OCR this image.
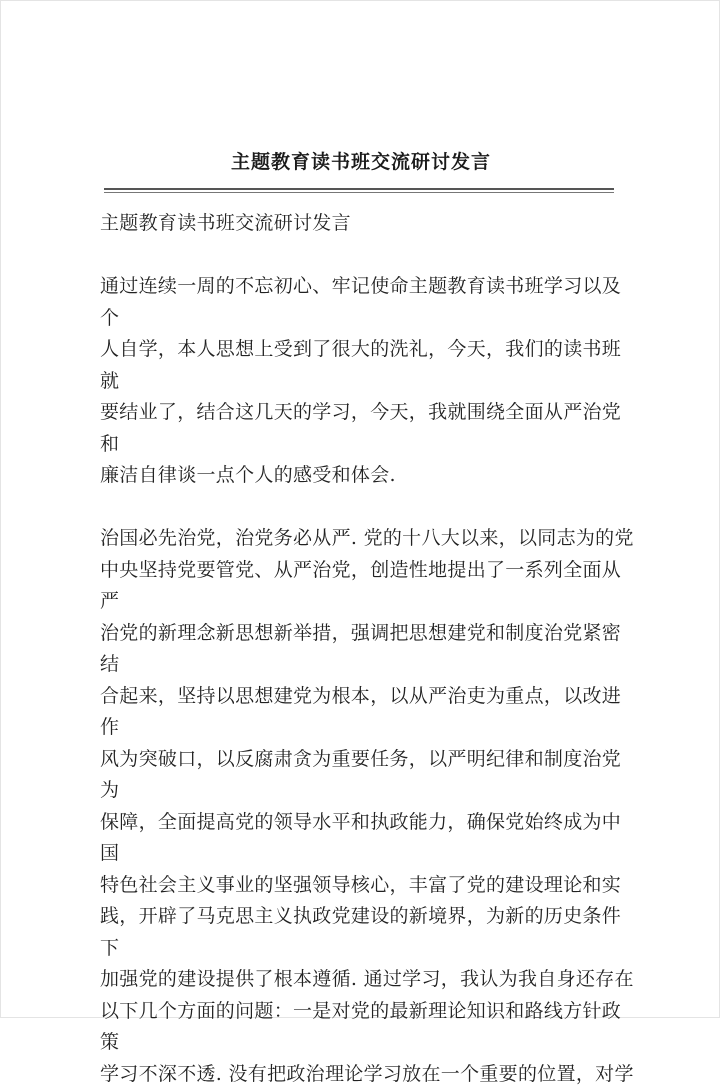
主题教育读书班交流研讨发言

主题教育读书班交流研讨发言

通过连续一周的不忘初心、牢记使命主题教育读书班学习以及个

人自学，本人思想上受到了很大的洗礼，今天，我们的读书班就

要结业了，结合这几天的学习，今天，我就围绕全面从严治党和

廉洁自律谈一点个人的感受和体会.

治国必先治党，治党务必从严. 党的十八大以来，以同志为的党

中央坚持党要管党、从严治党，创造性地提出了一系列全面从严

治党的新理念新思想新举措，强调把思想建党和制度治党紧密结

合起来，坚持以思想建党为根本，以从严治吏为重点，以改进作

风为突破口，以反腐肃贪为重要任务，以严明纪律和制度治党为

保障，全面提高党的领导水平和执政能力，确保党始终成为中国

特色社会主义事业的坚强领导核心，丰富了党的建设理论和实

践，开辟了马克思主义执政党建设的新境界，为新的历史条件下

加强党的建设提供了根本遵循. 通过学习，我认为我自身还存在

以下几个方面的问题：一是对党的最新理论知识和路线方针政策

学习不深不透. 没有把政治理论学习放在一个重要的位置，对学
